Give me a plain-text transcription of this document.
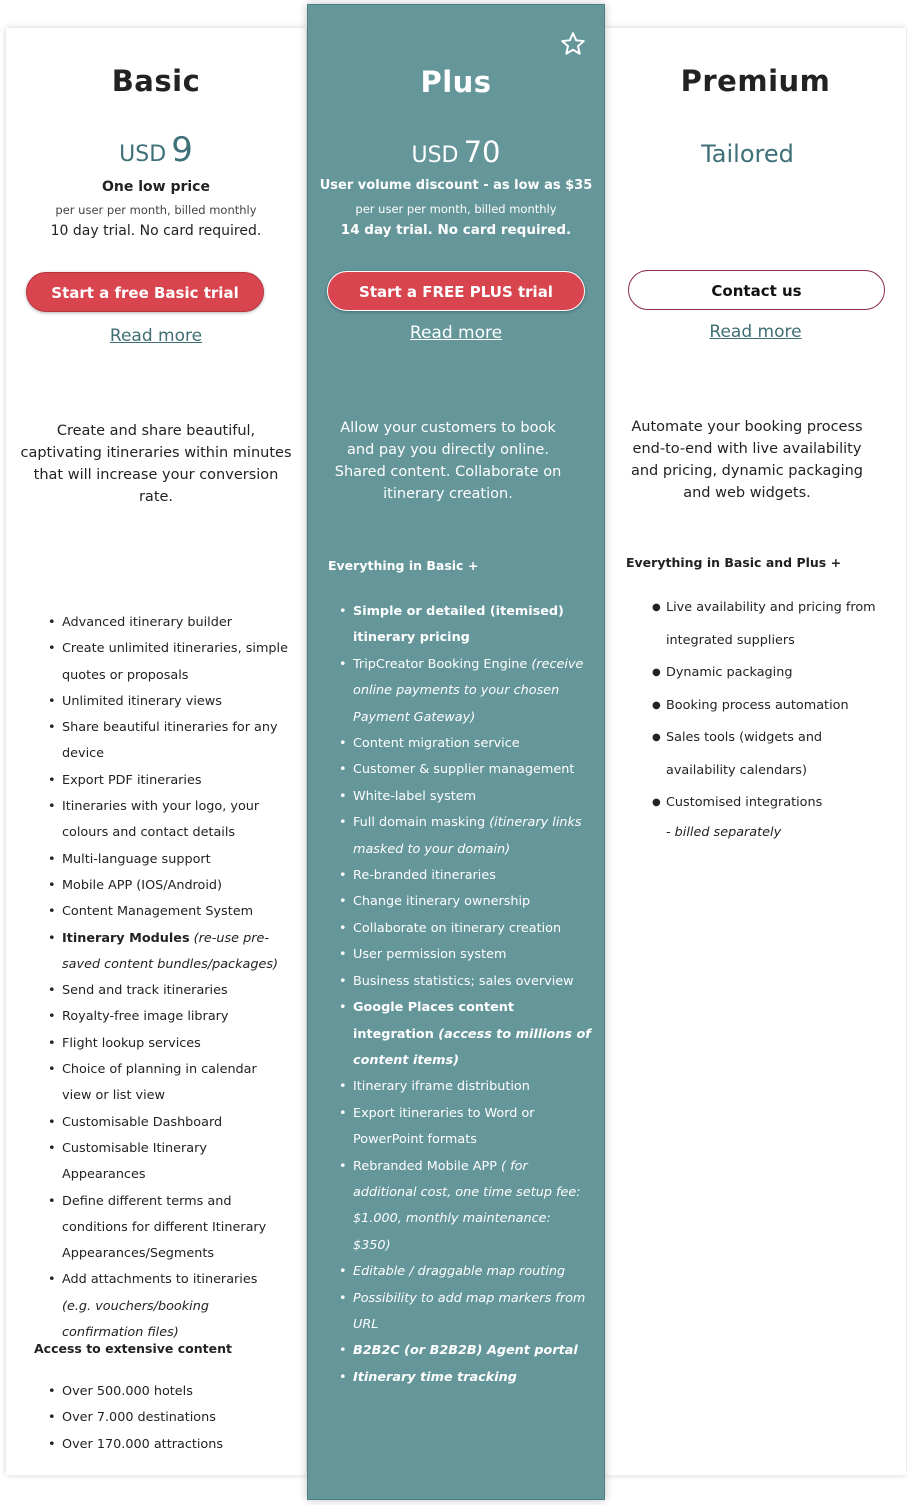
Basic
USD 9
One low price
per user per month, billed monthly
10 day trial. No card required.
Start a free Basic trial
Read more
Create and share beautiful, captivating itineraries within minutes that will increase your conversion rate.
• Advanced itinerary builder
• Create unlimited itineraries, simple quotes or proposals
• Unlimited itinerary views
• Share beautiful itineraries for any device
• Export PDF itineraries
• Itineraries with your logo, your colours and contact details
• Multi-language support
• Mobile APP (IOS/Android)
• Content Management System
• Itinerary Modules (re-use pre-saved content bundles/packages)
• Send and track itineraries
• Royalty-free image library
• Flight lookup services
• Choice of planning in calendar view or list view
• Customisable Dashboard
• Customisable Itinerary Appearances
• Define different terms and conditions for different Itinerary Appearances/Segments
• Add attachments to itineraries (e.g. vouchers/booking confirmation files)
Access to extensive content
• Over 500.000 hotels
• Over 7.000 destinations
• Over 170.000 attractions
Premium
Tailored
Contact us
Read more
Automate your booking process end-to-end with live availability and pricing, dynamic packaging and web widgets.
Everything in Basic and Plus +
● Live availability and pricing from integrated suppliers
● Dynamic packaging
● Booking process automation
● Sales tools (widgets and availability calendars)
● Customised integrations
- billed separately
Plus
USD 70
User volume discount - as low as $35
per user per month, billed monthly
14 day trial. No card required.
Start a FREE PLUS trial
Read more
Allow your customers to book and pay you directly online. Shared content. Collaborate on itinerary creation.
Everything in Basic +
• Simple or detailed (itemised) itinerary pricing
• TripCreator Booking Engine (receive online payments to your chosen Payment Gateway)
• Content migration service
• Customer & supplier management
• White-label system
• Full domain masking (itinerary links masked to your domain)
• Re-branded itineraries
• Change itinerary ownership
• Collaborate on itinerary creation
• User permission system
• Business statistics; sales overview
• Google Places content integration (access to millions of content items)
• Itinerary iframe distribution
• Export itineraries to Word or PowerPoint formats
• Rebranded Mobile APP ( for additional cost, one time setup fee: $1.000, monthly maintenance: $350)
• Editable / draggable map routing
• Possibility to add map markers from URL
• B2B2C (or B2B2B) Agent portal
• Itinerary time tracking
